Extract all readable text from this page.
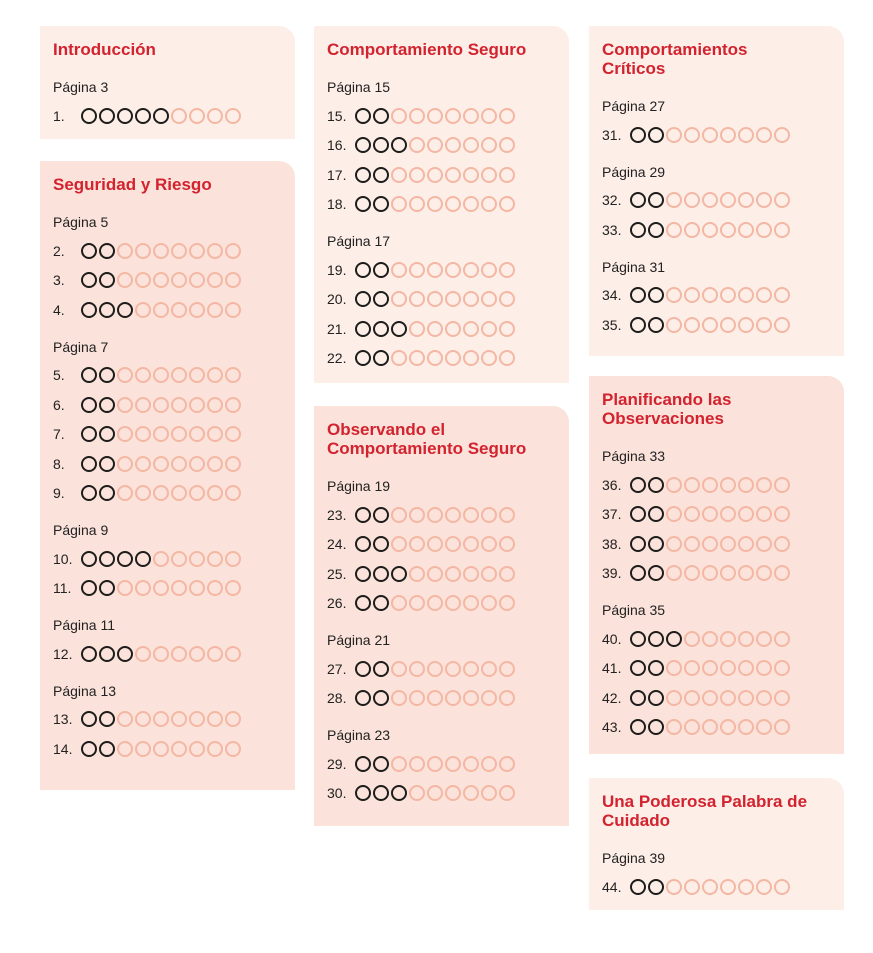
Introducción
Página 3
1.
Seguridad y Riesgo
Página 5
2.
3.
4.
Página 7
5.
6.
7.
8.
9.
Página 9
10.
11.
Página 11
12.
Página 13
13.
14.
Comportamiento Seguro
Página 15
15.
16.
17.
18.
Página 17
19.
20.
21.
22.
Observando el Comportamiento Seguro
Página 19
23.
24.
25.
26.
Página 21
27.
28.
Página 23
29.
30.
Comportamientos Críticos
Página 27
31.
Página 29
32.
33.
Página 31
34.
35.
Planificando las Observaciones
Página 33
36.
37.
38.
39.
Página 35
40.
41.
42.
43.
Una Poderosa Palabra de Cuidado
Página 39
44.
